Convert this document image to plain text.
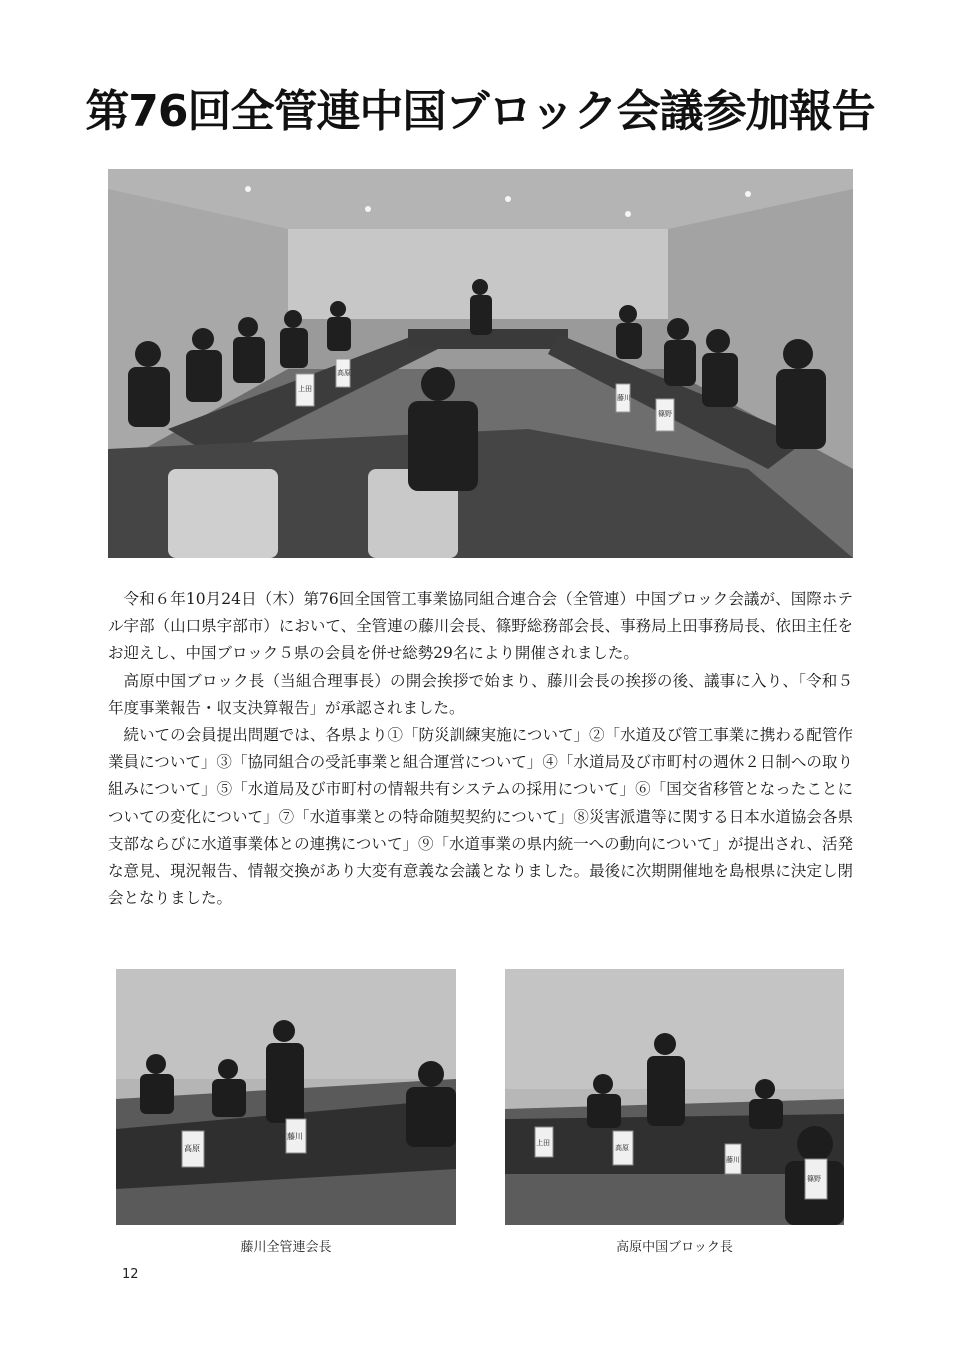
第76回全管連中国ブロック会議参加報告
上田
高原
藤川
篠野

令和６年10月24日（木）第76回全国管工事業協同組合連合会（全管連）中国ブロック会議が、国際ホテル宇部（山口県宇部市）において、全管連の藤川会長、篠野総務部会長、事務局上田事務局長、依田主任をお迎えし、中国ブロック５県の会員を併せ総勢29名により開催されました。

高原中国ブロック長（当組合理事長）の開会挨拶で始まり、藤川会長の挨拶の後、議事に入り、「令和５年度事業報告・収支決算報告」が承認されました。

続いての会員提出問題では、各県より①「防災訓練実施について」②「水道及び管工事業に携わる配管作業員について」③「協同組合の受託事業と組合運営について」④「水道局及び市町村の週休２日制への取り組みについて」⑤「水道局及び市町村の情報共有システムの採用について」⑥「国交省移管となったことについての変化について」⑦「水道事業との特命随契契約について」⑧災害派遣等に関する日本水道協会各県支部ならびに水道事業体との連携について」⑨「水道事業の県内統一への動向について」が提出され、活発な意見、現況報告、情報交換があり大変有意義な会議となりました。最後に次期開催地を島根県に決定し閉会となりました。

高原
藤川
上田
高原
藤川
篠野
藤川全管連会長	高原中国ブロック長
12
